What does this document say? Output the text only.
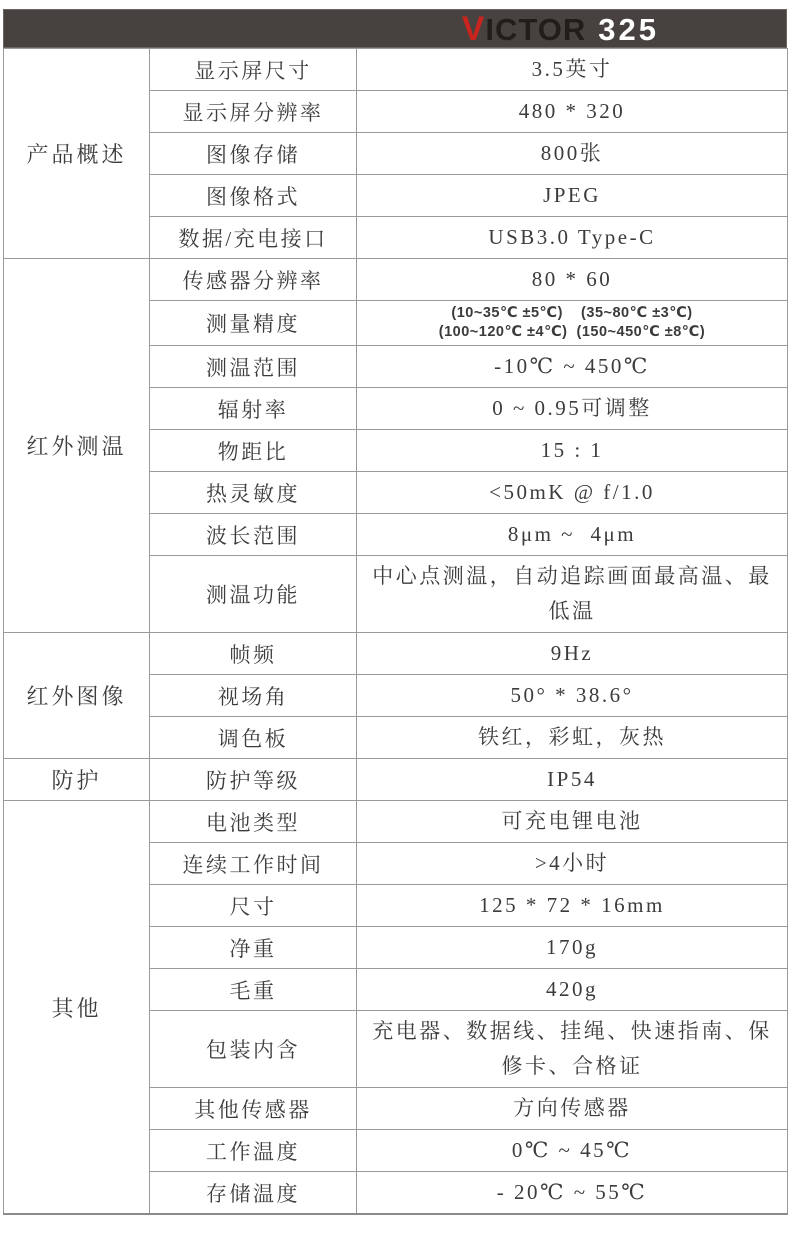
VICTOR 325
产品概述	显示屏尺寸	3.5英寸
	显示屏分辨率	480 * 320
	图像存储	800张
	图像格式	JPEG
	数据/充电接口	USB3.0 Type-C
红外测温	传感器分辨率	80 * 60
	测量精度	(10~35℃ ±5℃)    (35~80℃ ±3℃)
(100~120℃ ±4℃)  (150~450℃ ±8℃)

	测温范围	-10℃ ~ 450℃
	辐射率	0 ~ 0.95可调整
	物距比	15 : 1
	热灵敏度	<50mK @ f/1.0
	波长范围	8μm ~  4μm
	测温功能	中心点测温，自动追踪画面最高温、最低温
红外图像	帧频	9Hz
	视场角	50° * 38.6°
	调色板	铁红，彩虹，灰热
防护	防护等级	IP54
其他	电池类型	可充电锂电池
	连续工作时间	>4小时
	尺寸	125 * 72 * 16mm
	净重	170g
	毛重	420g
	包装内含	充电器、数据线、挂绳、快速指南、保修卡、合格证
	其他传感器	方向传感器
	工作温度	0℃ ~ 45℃
	存储温度	- 20℃ ~ 55℃
